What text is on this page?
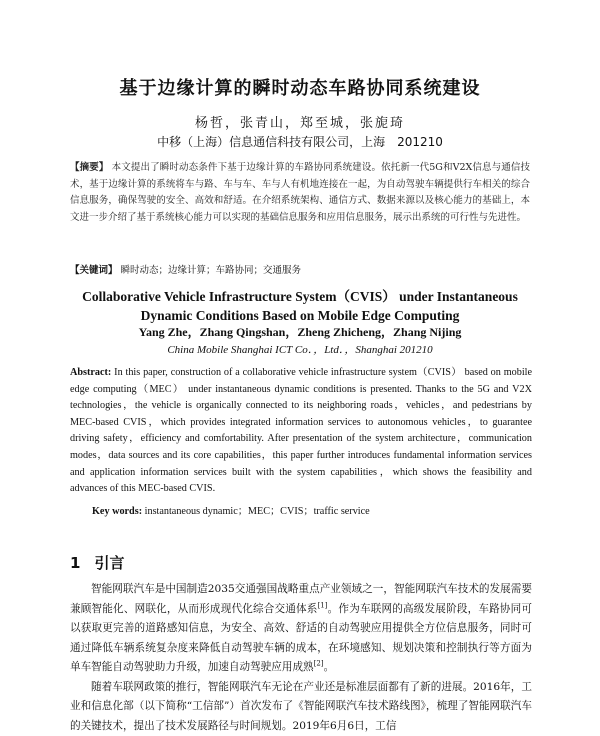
基于边缘计算的瞬时动态车路协同系统建设
杨哲，张青山，郑至城，张旎琦
中移（上海）信息通信科技有限公司，上海　201210
【摘要】 本文提出了瞬时动态条件下基于边缘计算的车路协同系统建设。依托新一代5G和V2X信息与通信技术，基于边缘计算的系统将车与路、车与车、车与人有机地连接在一起，为自动驾驶车辆提供行车相关的综合信息服务，确保驾驶的安全、高效和舒适。在介绍系统架构、通信方式、数据来源以及核心能力的基础上，本文进一步介绍了基于系统核心能力可以实现的基础信息服务和应用信息服务，展示出系统的可行性与先进性。
【关键词】 瞬时动态；边缘计算；车路协同；交通服务
Collaborative Vehicle Infrastructure System（CVIS） under Instantaneous Dynamic Conditions Based on Mobile Edge Computing
Yang Zhe，Zhang Qingshan，Zheng Zhicheng，Zhang Nijing
China Mobile Shanghai ICT Co．，Ltd．，Shanghai 201210
Abstract: In this paper, construction of a collaborative vehicle infrastructure system（CVIS） based on mobile edge computing（MEC） under instantaneous dynamic conditions is presented. Thanks to the 5G and V2X technologies，the vehicle is organically connected to its neighboring roads，vehicles，and pedestrians by MEC-based CVIS，which provides integrated information services to autonomous vehicles，to guarantee driving safety，efficiency and comfortability. After presentation of the system architecture，communication modes，data sources and its core capabilities，this paper further introduces fundamental information services and application information services built with the system capabilities，which shows the feasibility and advances of this MEC-based CVIS.
Key words: instantaneous dynamic；MEC；CVIS；traffic service
1 引言

智能网联汽车是中国制造2035交通强国战略重点产业领域之一，智能网联汽车技术的发展需要兼顾智能化、网联化，从而形成现代化综合交通体系[1]。作为车联网的高级发展阶段，车路协同可以获取更完善的道路感知信息，为安全、高效、舒适的自动驾驶应用提供全方位信息服务，同时可通过降低车辆系统复杂度来降低自动驾驶车辆的成本，在环境感知、规划决策和控制执行等方面为单车智能自动驾驶助力升级，加速自动驾驶应用成熟[2]。

随着车联网政策的推行，智能网联汽车无论在产业还是标准层面都有了新的进展。2016年，工业和信息化部（以下简称“工信部”）首次发布了《智能网联汽车技术路线图》，梳理了智能网联汽车的关键技术，提出了技术发展路径与时间规划。2019年6月6日，工信
